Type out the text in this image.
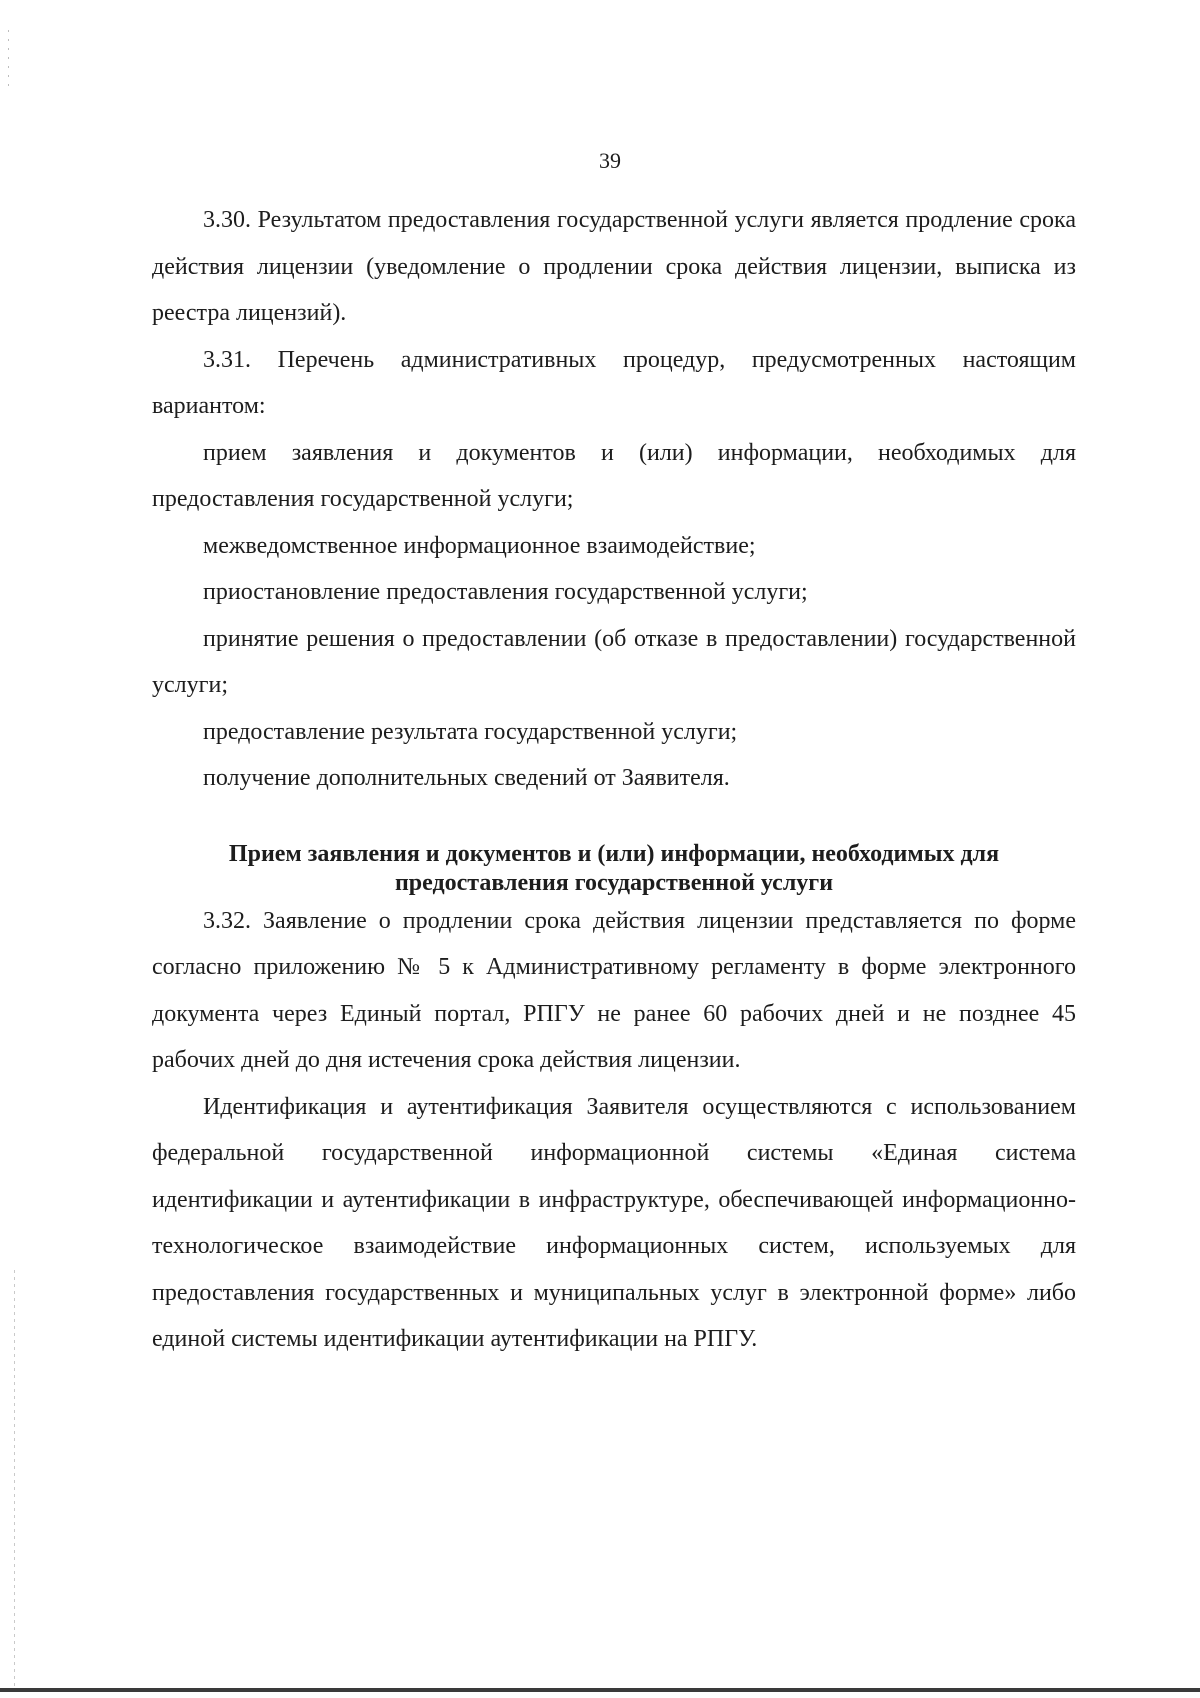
39

3.30. Результатом предоставления государственной услуги является продление срока действия лицензии (уведомление о продлении срока действия лицензии, выписка из реестра лицензий).

3.31. Перечень административных процедур, предусмотренных настоящим вариантом:

прием заявления и документов и (или) информации, необходимых для предоставления государственной услуги;

межведомственное информационное взаимодействие;

приостановление предоставления государственной услуги;

принятие решения о предоставлении (об отказе в предоставлении) государственной услуги;

предоставление результата государственной услуги;

получение дополнительных сведений от Заявителя.

Прием заявления и документов и (или) информации, необходимых для предоставления государственной услуги

3.32. Заявление о продлении срока действия лицензии представляется по форме согласно приложению № 5 к Административному регламенту в форме электронного документа через Единый портал, РПГУ не ранее 60 рабочих дней и не позднее 45 рабочих дней до дня истечения срока действия лицензии.

Идентификация и аутентификация Заявителя осуществляются с использованием федеральной государственной информационной системы «Единая система идентификации и аутентификации в инфраструктуре, обеспечивающей информационно-технологическое взаимодействие информационных систем, используемых для предоставления государственных и муниципальных услуг в электронной форме» либо единой системы идентификации аутентификации на РПГУ.
